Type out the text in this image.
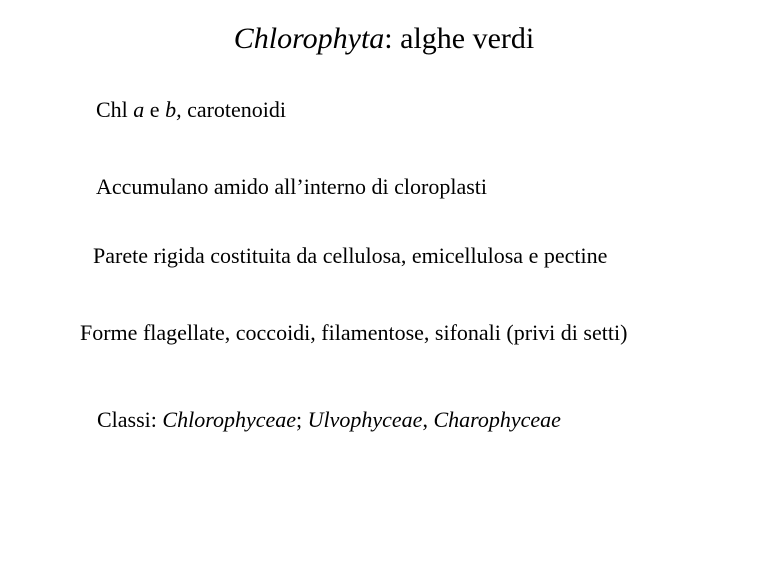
Chlorophyta: alghe verdi
Chl a e b, carotenoidi
Accumulano amido all’interno di cloroplasti
Parete rigida costituita da cellulosa, emicellulosa e pectine
Forme flagellate, coccoidi, filamentose, sifonali (privi di setti)
Classi: Chlorophyceae; Ulvophyceae, Charophyceae
